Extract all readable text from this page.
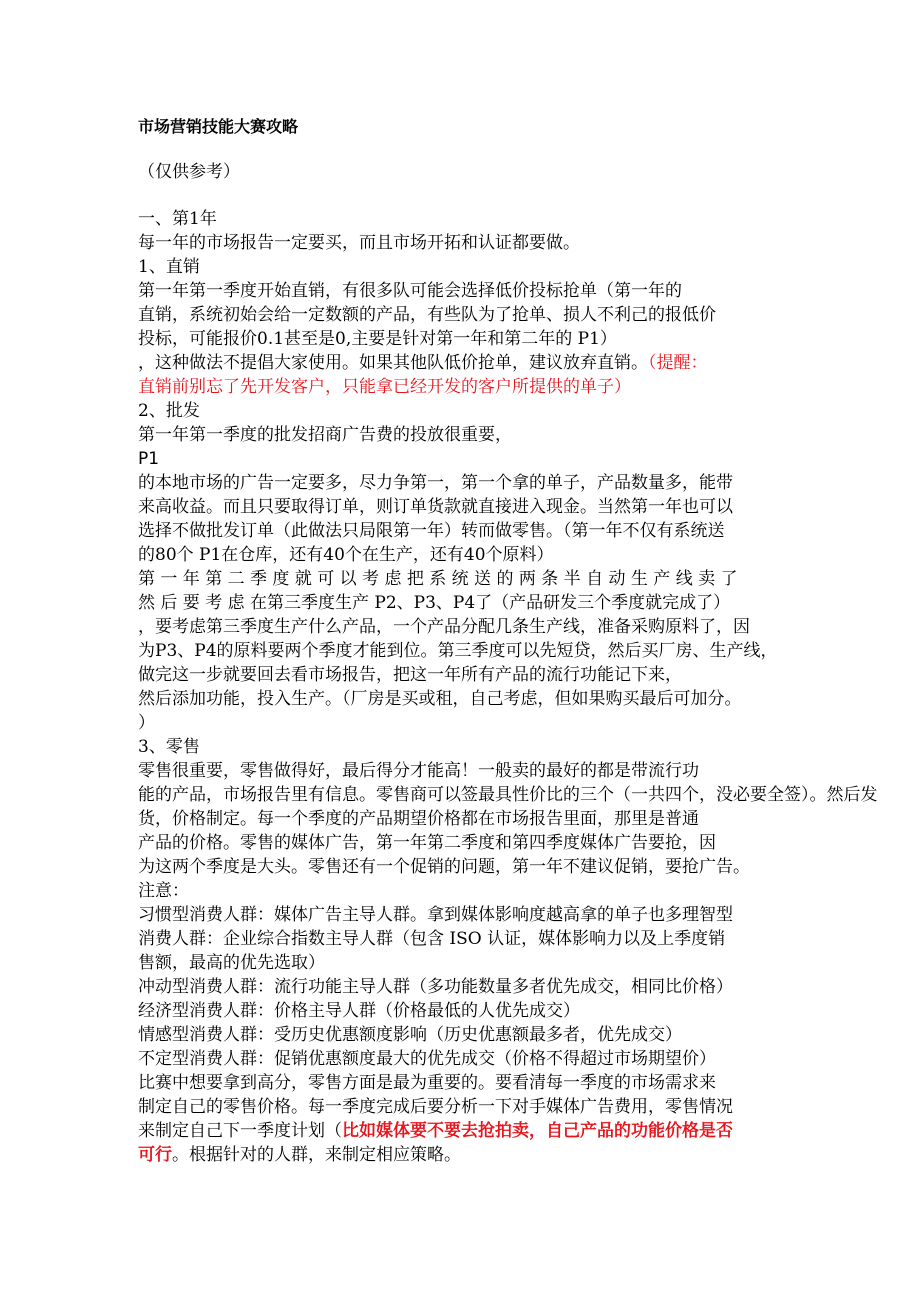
市场营销技能大赛攻略
（仅供参考）
一、第1年
每一年的市场报告一定要买，而且市场开拓和认证都要做。
1、直销
第一年第一季度开始直销，有很多队可能会选择低价投标抢单（第一年的
直销，系统初始会给一定数额的产品，有些队为了抢单、损人不利己的报低价
投标，可能报价0.1甚至是0,主要是针对第一年和第二年的 P1）
，这种做法不提倡大家使用。如果其他队低价抢单，建议放弃直销。（提醒：
直销前别忘了先开发客户，只能拿已经开发的客户所提供的单子）
2、批发
第一年第一季度的批发招商广告费的投放很重要，
P1
的本地市场的广告一定要多，尽力争第一，第一个拿的单子，产品数量多，能带
来高收益。而且只要取得订单，则订单货款就直接进入现金。当然第一年也可以
选择不做批发订单（此做法只局限第一年）转而做零售。（第一年不仅有系统送
的80个 P1在仓库，还有40个在生产，还有40个原料）
第 一 年 第 二 季 度 就 可 以 考 虑 把 系 统 送 的 两 条 半 自 动 生 产 线 卖 了
然 后 要 考 虑 在第三季度生产 P2、P3、P4了（产品研发三个季度就完成了）
，要考虑第三季度生产什么产品，一个产品分配几条生产线，准备采购原料了，因
为P3、P4的原料要两个季度才能到位。第三季度可以先短贷，然后买厂房、生产线，
做完这一步就要回去看市场报告，把这一年所有产品的流行功能记下来，
然后添加功能，投入生产。（厂房是买或租，自己考虑，但如果购买最后可加分。
）
3、零售
零售很重要，零售做得好，最后得分才能高！一般卖的最好的都是带流行功
能的产品，市场报告里有信息。零售商可以签最具性价比的三个（一共四个，没必要全签）。然后发
货，价格制定。每一个季度的产品期望价格都在市场报告里面，那里是普通
产品的价格。零售的媒体广告，第一年第二季度和第四季度媒体广告要抢，因
为这两个季度是大头。零售还有一个促销的问题，第一年不建议促销，要抢广告。
注意：
习惯型消费人群：媒体广告主导人群。拿到媒体影响度越高拿的单子也多理智型
消费人群：企业综合指数主导人群（包含 ISO 认证，媒体影响力以及上季度销
售额，最高的优先选取）
冲动型消费人群：流行功能主导人群（多功能数量多者优先成交，相同比价格）
经济型消费人群：价格主导人群（价格最低的人优先成交）
情感型消费人群：受历史优惠额度影响（历史优惠额最多者，优先成交）
不定型消费人群：促销优惠额度最大的优先成交（价格不得超过市场期望价）
比赛中想要拿到高分，零售方面是最为重要的。要看清每一季度的市场需求来
制定自己的零售价格。每一季度完成后要分析一下对手媒体广告费用，零售情况
来制定自己下一季度计划（比如媒体要不要去抢拍卖，自己产品的功能价格是否
可行。根据针对的人群，来制定相应策略。
